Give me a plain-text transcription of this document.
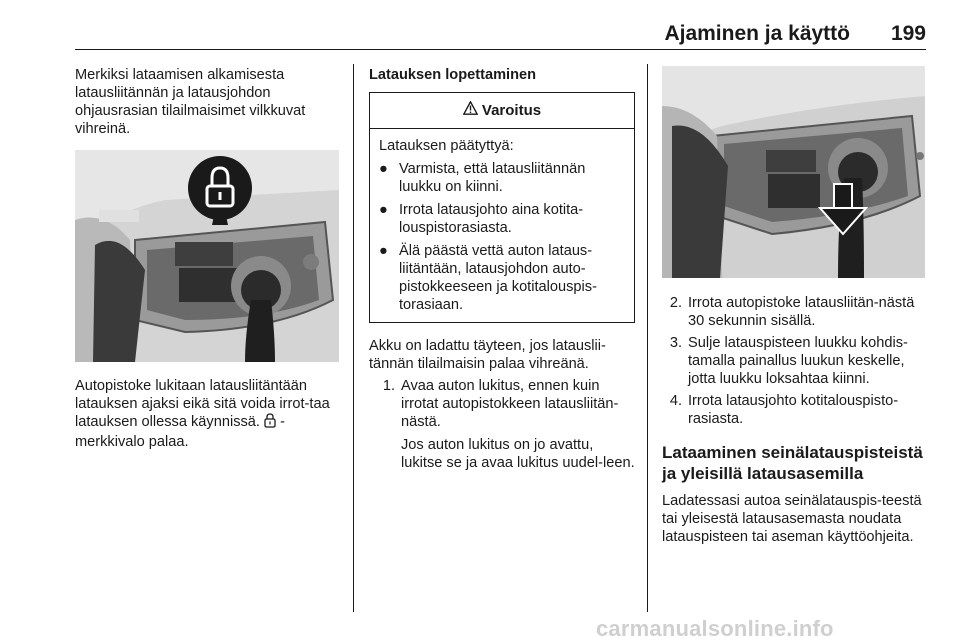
Ajaminen ja käyttö 199

Merkiksi lataamisen alkamisesta latausliitännän ja latausjohdon ohjausrasian tilailmaisimet vilkkuvat vihreinä.

Autopistoke lukitaan latausliitäntään latauksen ajaksi eikä sitä voida irrot-taa latauksen ollessa käynnissä. -merkkivalo palaa.

Latauksen lopettaminen
Varoitus

Latauksen päätyttyä:

● Varmista, että latausliitännän luukku on kiinni.
● Irrota latausjohto aina kotita-louspistorasiasta.
● Älä päästä vettä auton lataus-liitäntään, latausjohdon auto-pistokkeeseen ja kotitalouspis-torasiaan.

Akku on ladattu täyteen, jos latauslii-tännän tilailmaisin palaa vihreänä.

1. Avaa auton lukitus, ennen kuin irrotat autopistokkeen latausliitän-nästä.

Jos auton lukitus on jo avattu, lukitse se ja avaa lukitus uudel-leen.

2. Irrota autopistoke latausliitän-nästä 30 sekunnin sisällä.
3. Sulje latauspisteen luukku kohdis-tamalla painallus luukun keskelle, jotta luukku loksahtaa kiinni.
4. Irrota latausjohto kotitalouspisto-rasiasta.
Lataaminen seinälatauspisteistä ja yleisillä latausasemilla

Ladatessasi autoa seinälatauspis-teestä tai yleisestä latausasemasta noudata latauspisteen tai aseman käyttöohjeita.

carmanualsonline.info
